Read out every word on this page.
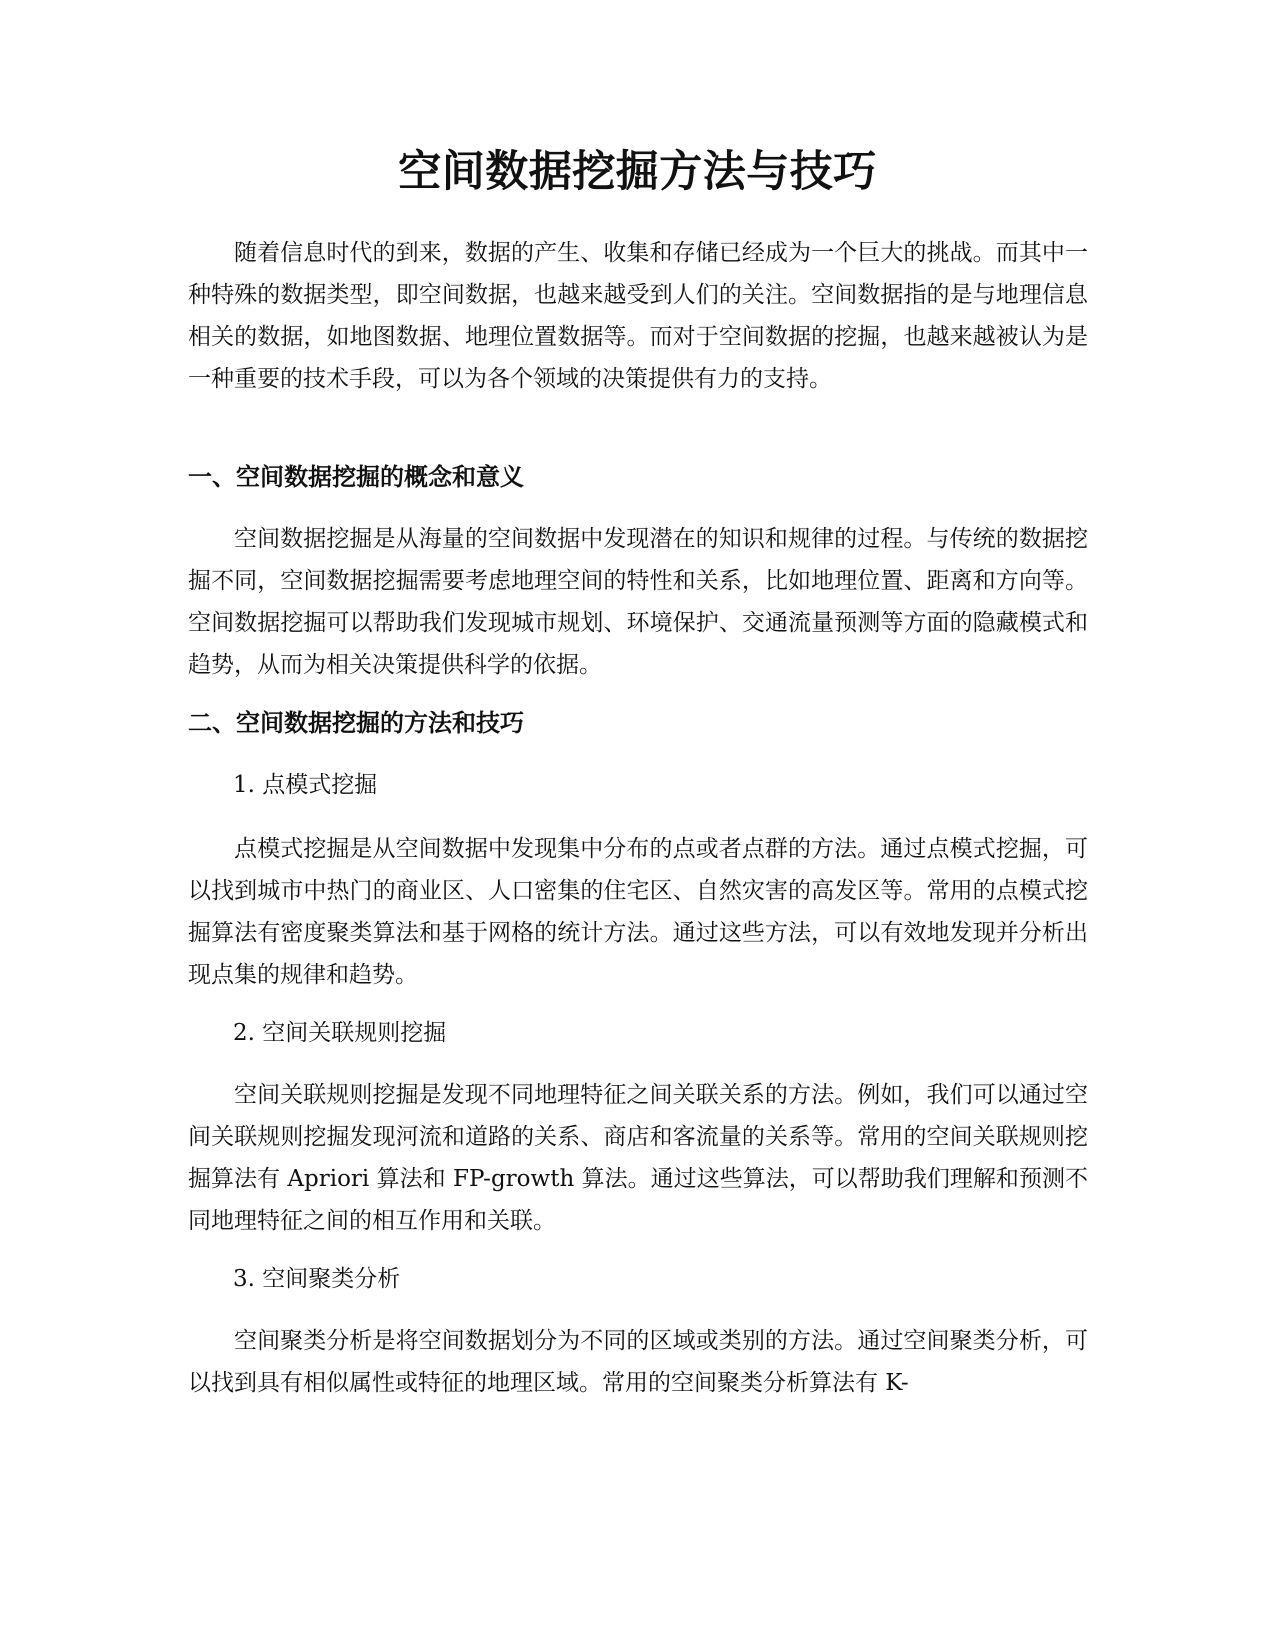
空间数据挖掘方法与技巧

随着信息时代的到来，数据的产生、收集和存储已经成为一个巨大的挑战。而其中一种特殊的数据类型，即空间数据，也越来越受到人们的关注。空间数据指的是与地理信息相关的数据，如地图数据、地理位置数据等。而对于空间数据的挖掘，也越来越被认为是一种重要的技术手段，可以为各个领域的决策提供有力的支持。

一、空间数据挖掘的概念和意义

空间数据挖掘是从海量的空间数据中发现潜在的知识和规律的过程。与传统的数据挖掘不同，空间数据挖掘需要考虑地理空间的特性和关系，比如地理位置、距离和方向等。空间数据挖掘可以帮助我们发现城市规划、环境保护、交通流量预测等方面的隐藏模式和趋势，从而为相关决策提供科学的依据。

二、空间数据挖掘的方法和技巧

1. 点模式挖掘

点模式挖掘是从空间数据中发现集中分布的点或者点群的方法。通过点模式挖掘，可以找到城市中热门的商业区、人口密集的住宅区、自然灾害的高发区等。常用的点模式挖掘算法有密度聚类算法和基于网格的统计方法。通过这些方法，可以有效地发现并分析出现点集的规律和趋势。

2. 空间关联规则挖掘

空间关联规则挖掘是发现不同地理特征之间关联关系的方法。例如，我们可以通过空间关联规则挖掘发现河流和道路的关系、商店和客流量的关系等。常用的空间关联规则挖掘算法有 Apriori 算法和 FP-growth 算法。通过这些算法，可以帮助我们理解和预测不同地理特征之间的相互作用和关联。

3. 空间聚类分析

空间聚类分析是将空间数据划分为不同的区域或类别的方法。通过空间聚类分析，可以找到具有相似属性或特征的地理区域。常用的空间聚类分析算法有 K-
